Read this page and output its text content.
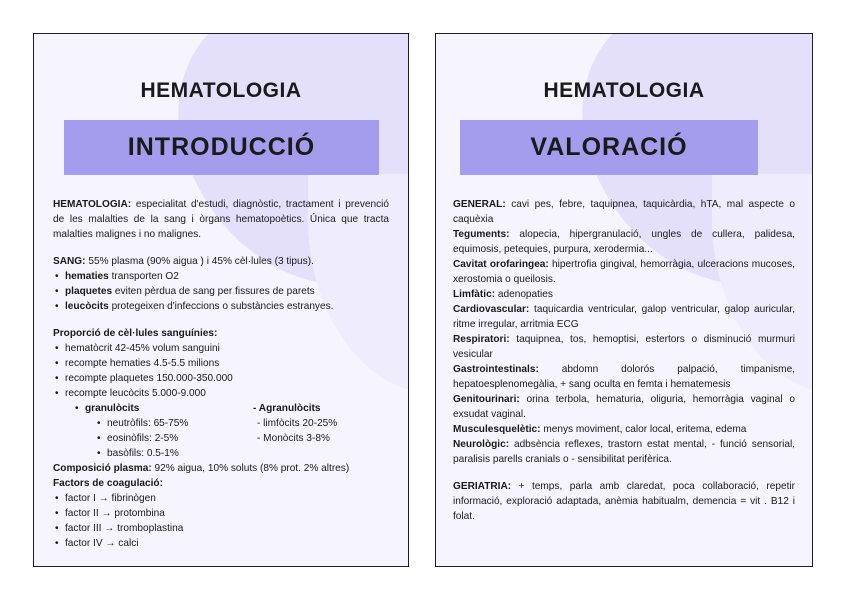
HEMATOLOGIA
INTRODUCCIÓ

HEMATOLOGIA: especialitat d'estudi, diagnòstic, tractament i prevenció de les malalties de la sang i òrgans hematopoètics. Única que tracta malalties malignes i no malignes.

SANG: 55% plasma (90% aigua ) i 45% cèl·lules (3 tipus).

• hematies transporten O2
• plaquetes eviten pèrdua de sang per fissures de parets
• leucòcits protegeixen d'infeccions o substàncies estranyes.

Proporció de cèl·lules sanguínies:

• hematòcrit 42-45% volum sanguini
• recompte hematies 4.5-5.5 milions
• recompte plaquetes 150.000-350.000
• recompte leucòcits 5.000-9.000
• granulòcits
• neutròfils: 65-75%
• eosinòfils: 2-5%
• basòfils: 0.5-1%
- Agranulòcits
- limfòcits 20-25%
- Monòcits 3-8%

Composició plasma: 92% aigua, 10% soluts (8% prot. 2% altres)

Factors de coagulació:

• factor I → fibrinògen
• factor II → protombina
• factor III → tromboplastina
• factor IV → calci
HEMATOLOGIA
VALORACIÓ

GENERAL: cavi pes, febre, taquipnea, taquicàrdia, hTA, mal aspecte o caquèxia

Teguments: alopecia, hipergranulació, ungles de cullera, palidesa, equimosis, petequies, purpura, xerodermia...

Cavitat orofaringea: hipertrofia gingival, hemorràgia, ulceracions mucoses, xerostomia o queilosis.

Limfàtic: adenopaties

Cardiovascular: taquicardia ventricular, galop ventricular, galop auricular, ritme irregular, arritmia ECG

Respiratori: taquipnea, tos, hemoptisi, estertors o disminució murmuri vesicular

Gastrointestinals: abdomn dolorós palpació, timpanisme, hepatoesplenomegàlia, + sang oculta en femta i hematemesis

Genitourinari: orina terbola, hematuria, oliguria, hemorràgia vaginal o exsudat vaginal.

Musculesquelètic: menys moviment, calor local, eritema, edema

Neurològic: adbsència reflexes, trastorn estat mental, - funció sensorial, paralisis parells cranials o - sensibilitat perifèrica.

GERIATRIA: + temps, parla amb claredat, poca collaboració, repetir informació, exploració adaptada, anèmia habitualm, demencia = vit . B12 i folat.
